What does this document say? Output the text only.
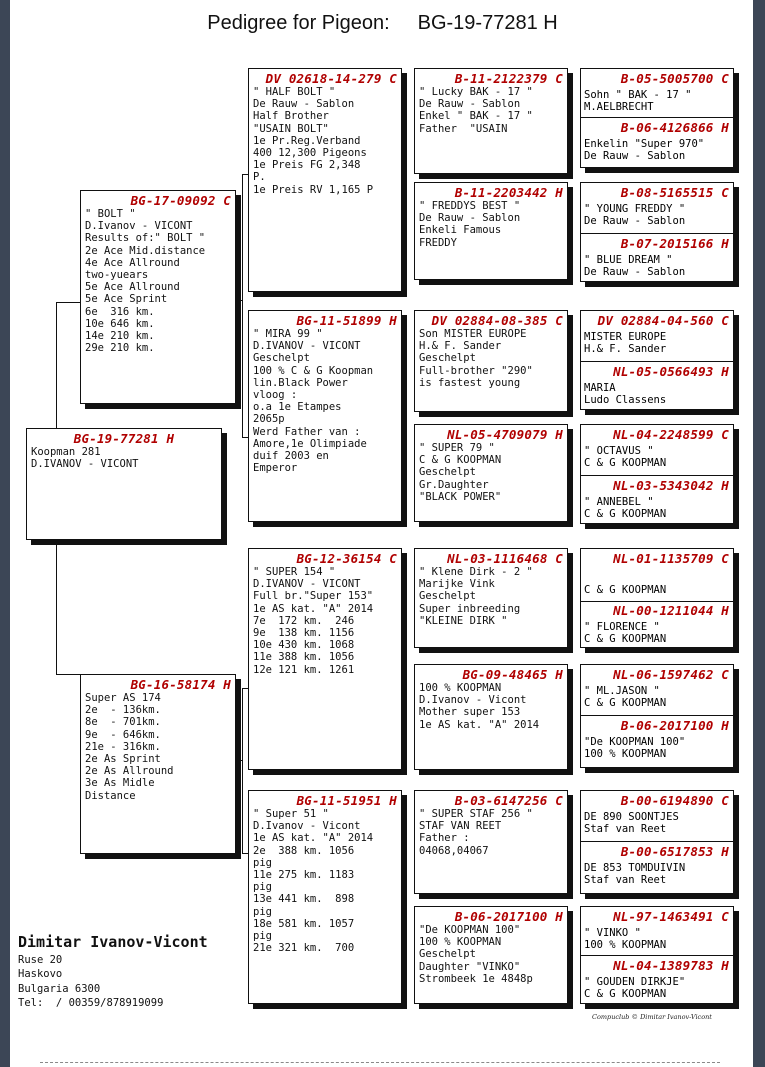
Pedigree for Pigeon: BG-19-77281 H
BG-19-77281 H
Koopman 281
D.IVANOV - VICONT
BG-17-09092 C
" BOLT "
D.Ivanov - VICONT
Results of:" BOLT "
2e Ace Mid.distance
4e Ace Allround
two-yuears
5e Ace Allround
5e Ace Sprint
6e  316 km.
10e 646 km.
14e 210 km.
29e 210 km.
BG-16-58174 H
Super AS 174
2e  - 136km.
8e  - 701km.
9e  - 646km.
21e - 316km.
2e As Sprint
2e As Allround
3e As Midle
Distance
DV 02618-14-279 C
" HALF BOLT "
De Rauw - Sablon
Half Brother
"USAIN BOLT"
1e Pr.Reg.Verband
400 12,300 Pigeons
1e Preis FG 2,348
P.
1e Preis RV 1,165 P
BG-11-51899 H
" MIRA 99 "
D.IVANOV - VICONT
Geschelpt
100 % C & G Koopman
lin.Black Power
vloog :
o.a 1e Etampes
2065p
Werd Father van :
Amore,1e Olimpiade
duif 2003 en
Emperor
BG-12-36154 C
" SUPER 154 "
D.IVANOV - VICONT
Full br."Super 153"
1e AS kat. "A" 2014
7e  172 km.  246
9e  138 km. 1156
10e 430 km. 1068
11e 388 km. 1056
12e 121 km. 1261
BG-11-51951 H
" Super 51 "
D.Ivanov - Vicont
1e AS kat. "A" 2014
2e  388 km. 1056
pig
11e 275 km. 1183
pig
13e 441 km.  898
pig
18e 581 km. 1057
pig
21e 321 km.  700
B-11-2122379 C
" Lucky BAK - 17 "
De Rauw - Sablon
Enkel " BAK - 17 "
Father  "USAIN
B-11-2203442 H
" FREDDYS BEST "
De Rauw - Sablon
Enkeli Famous
FREDDY
DV 02884-08-385 C
Son MISTER EUROPE
H.& F. Sander
Geschelpt
Full-brother "290"
is fastest young
NL-05-4709079 H
" SUPER 79 "
C & G KOOPMAN
Geschelpt
Gr.Daughter
"BLACK POWER"
NL-03-1116468 C
" Klene Dirk - 2 "
Marijke Vink
Geschelpt
Super inbreeding
"KLEINE DIRK "
BG-09-48465 H
100 % KOOPMAN
D.Ivanov - Vicont
Mother super 153
1e AS kat. "A" 2014
B-03-6147256 C
" SUPER STAF 256 "
STAF VAN REET
Father :
04068,04067
B-06-2017100 H
"De KOOPMAN 100"
100 % KOOPMAN
Geschelpt
Daughter "VINKO"
Strombeek 1e 4848p
B-05-5005700 C
Sohn " BAK - 17 "
M.AELBRECHT
B-06-4126866 H
Enkelin "Super 970"
De Rauw - Sablon
B-08-5165515 C
" YOUNG FREDDY "
De Rauw - Sablon
B-07-2015166 H
" BLUE DREAM "
De Rauw - Sablon
DV 02884-04-560 C
MISTER EUROPE
H.& F. Sander
NL-05-0566493 H
MARIA
Ludo Classens
NL-04-2248599 C
" OCTAVUS "
C & G KOOPMAN
NL-03-5343042 H
" ANNEBEL "
C & G KOOPMAN
NL-01-1135709 C
C & G KOOPMAN
NL-00-1211044 H
" FLORENCE "
C & G KOOPMAN
NL-06-1597462 C
" ML.JASON "
C & G KOOPMAN
B-06-2017100 H
"De KOOPMAN 100"
100 % KOOPMAN
B-00-6194890 C
DE 890 SOONTJES
Staf van Reet
B-00-6517853 H
DE 853 TOMDUIVIN
Staf van Reet
NL-97-1463491 C
" VINKO "
100 % KOOPMAN
NL-04-1389783 H
" GOUDEN DIRKJE"
C & G KOOPMAN
Dimitar Ivanov-Vicont
Ruse 20
Haskovo
Bulgaria 6300
Tel:  / 00359/878919099
Compuclub © Dimitar Ivanov-Vicont
